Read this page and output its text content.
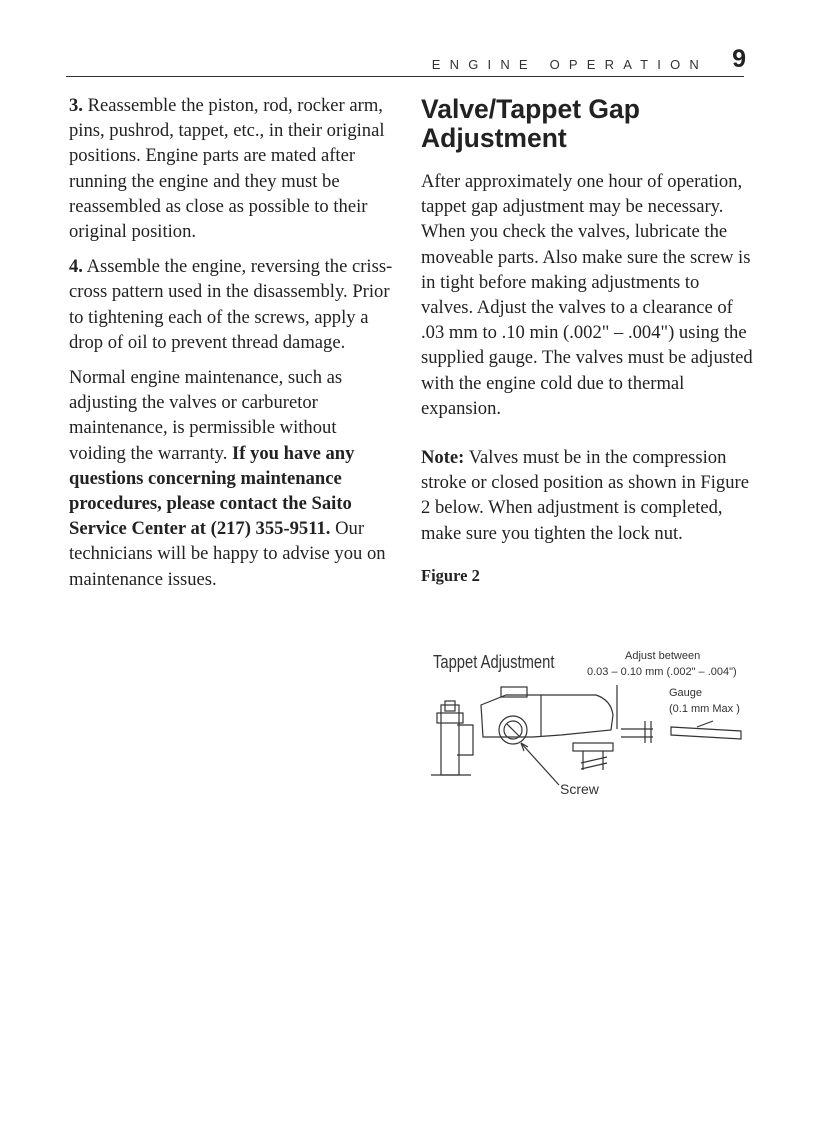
ENGINE OPERATION 9

3. Reassemble the piston, rod, rocker arm, pins, pushrod, tappet, etc., in their original positions. Engine parts are mated after running the engine and they must be reassembled as close as possible to their original position.

4. Assemble the engine, reversing the criss-cross pattern used in the disassembly. Prior to tightening each of the screws, apply a drop of oil to prevent thread damage.

Normal engine maintenance, such as adjusting the valves or carburetor maintenance, is permissible without voiding the warranty. If you have any questions concerning maintenance procedures, please contact the Saito Service Center at (217) 355-9511. Our technicians will be happy to advise you on maintenance issues.

Valve/Tappet Gap Adjustment

After approximately one hour of operation, tappet gap adjustment may be necessary. When you check the valves, lubricate the moveable parts. Also make sure the screw is in tight before making adjustments to valves. Adjust the valves to a clearance of .03 mm to .10 min (.002" – .004") using the supplied gauge. The valves must be adjusted with the engine cold due to thermal expansion.

Note: Valves must be in the compression stroke or closed position as shown in Figure 2 below. When adjustment is completed, make sure you tighten the lock nut.

Figure 2
Tappet Adjustment	Adjust between
0.03 – 0.10 mm (.002" – .004")
Gauge
(0.1 mm Max )
Screw
